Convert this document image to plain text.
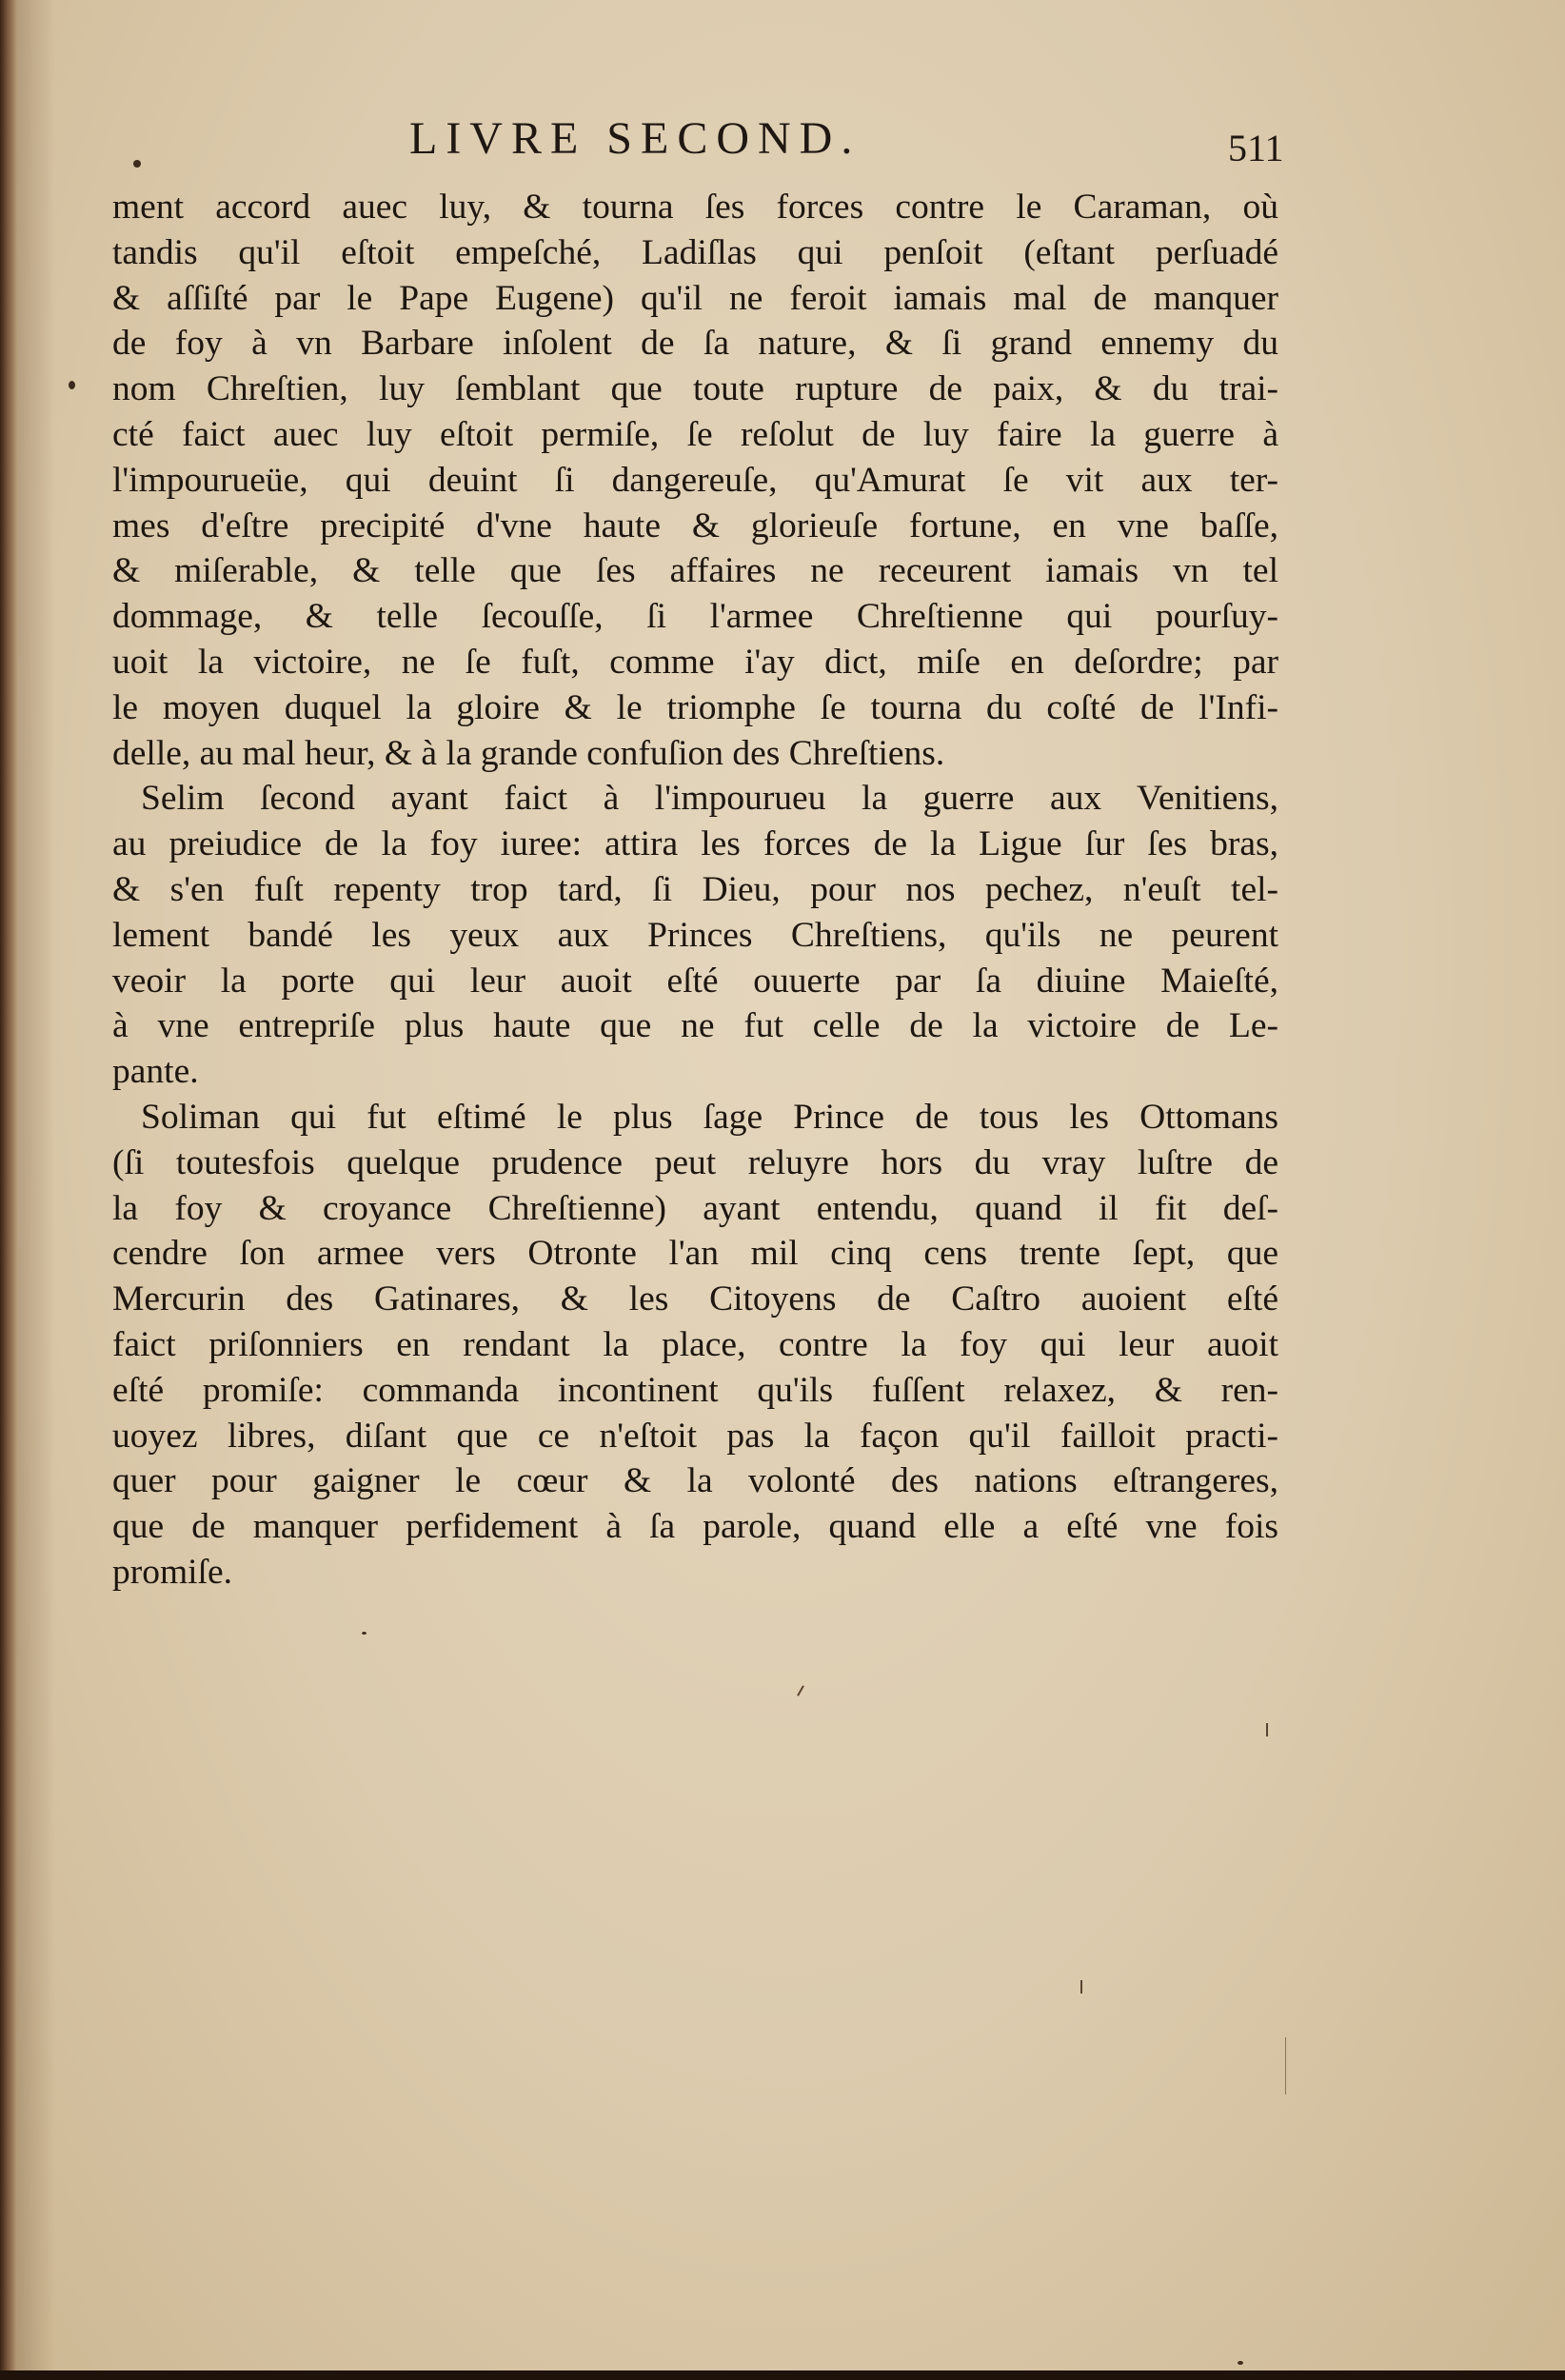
LIVRE SECOND.	511
ment accord auec luy, & tourna ſes forces contre le Caraman, où
tandis qu'il eſtoit empeſché, Ladiſlas qui penſoit (eſtant perſuadé
& aſſiſté par le Pape Eugene) qu'il ne feroit iamais mal de manquer
de foy à vn Barbare inſolent de ſa nature, & ſi grand ennemy du
nom Chreſtien, luy ſemblant que toute rupture de paix, & du trai-
cté faict auec luy eſtoit permiſe, ſe reſolut de luy faire la guerre à
l'impourueüe, qui deuint ſi dangereuſe, qu'Amurat ſe vit aux ter-
mes d'eſtre precipité d'vne haute & glorieuſe fortune, en vne baſſe,
& miſerable, & telle que ſes affaires ne receurent iamais vn tel
dommage, & telle ſecouſſe, ſi l'armee Chreſtienne qui pourſuy-
uoit la victoire, ne ſe fuſt, comme i'ay dict, miſe en deſordre; par
le moyen duquel la gloire & le triomphe ſe tourna du coſté de l'Infi-
delle, au mal heur, & à la grande confuſion des Chreſtiens.
Selim ſecond ayant faict à l'impourueu la guerre aux Venitiens,
au preiudice de la foy iuree: attira les forces de la Ligue ſur ſes bras,
& s'en fuſt repenty trop tard, ſi Dieu, pour nos pechez, n'euſt tel-
lement bandé les yeux aux Princes Chreſtiens, qu'ils ne peurent
veoir la porte qui leur auoit eſté ouuerte par ſa diuine Maieſté,
à vne entrepriſe plus haute que ne fut celle de la victoire de Le-
pante.
Soliman qui fut eſtimé le plus ſage Prince de tous les Ottomans
(ſi toutesfois quelque prudence peut reluyre hors du vray luſtre de
la foy & croyance Chreſtienne) ayant entendu, quand il fit deſ-
cendre ſon armee vers Otronte l'an mil cinq cens trente ſept, que
Mercurin des Gatinares, & les Citoyens de Caſtro auoient eſté
faict priſonniers en rendant la place, contre la foy qui leur auoit
eſté promiſe: commanda incontinent qu'ils fuſſent relaxez, & ren-
uoyez libres, diſant que ce n'eſtoit pas la façon qu'il failloit practi-
quer pour gaigner le cœur & la volonté des nations eſtrangeres,
que de manquer perfidement à ſa parole, quand elle a eſté vne fois
promiſe.
